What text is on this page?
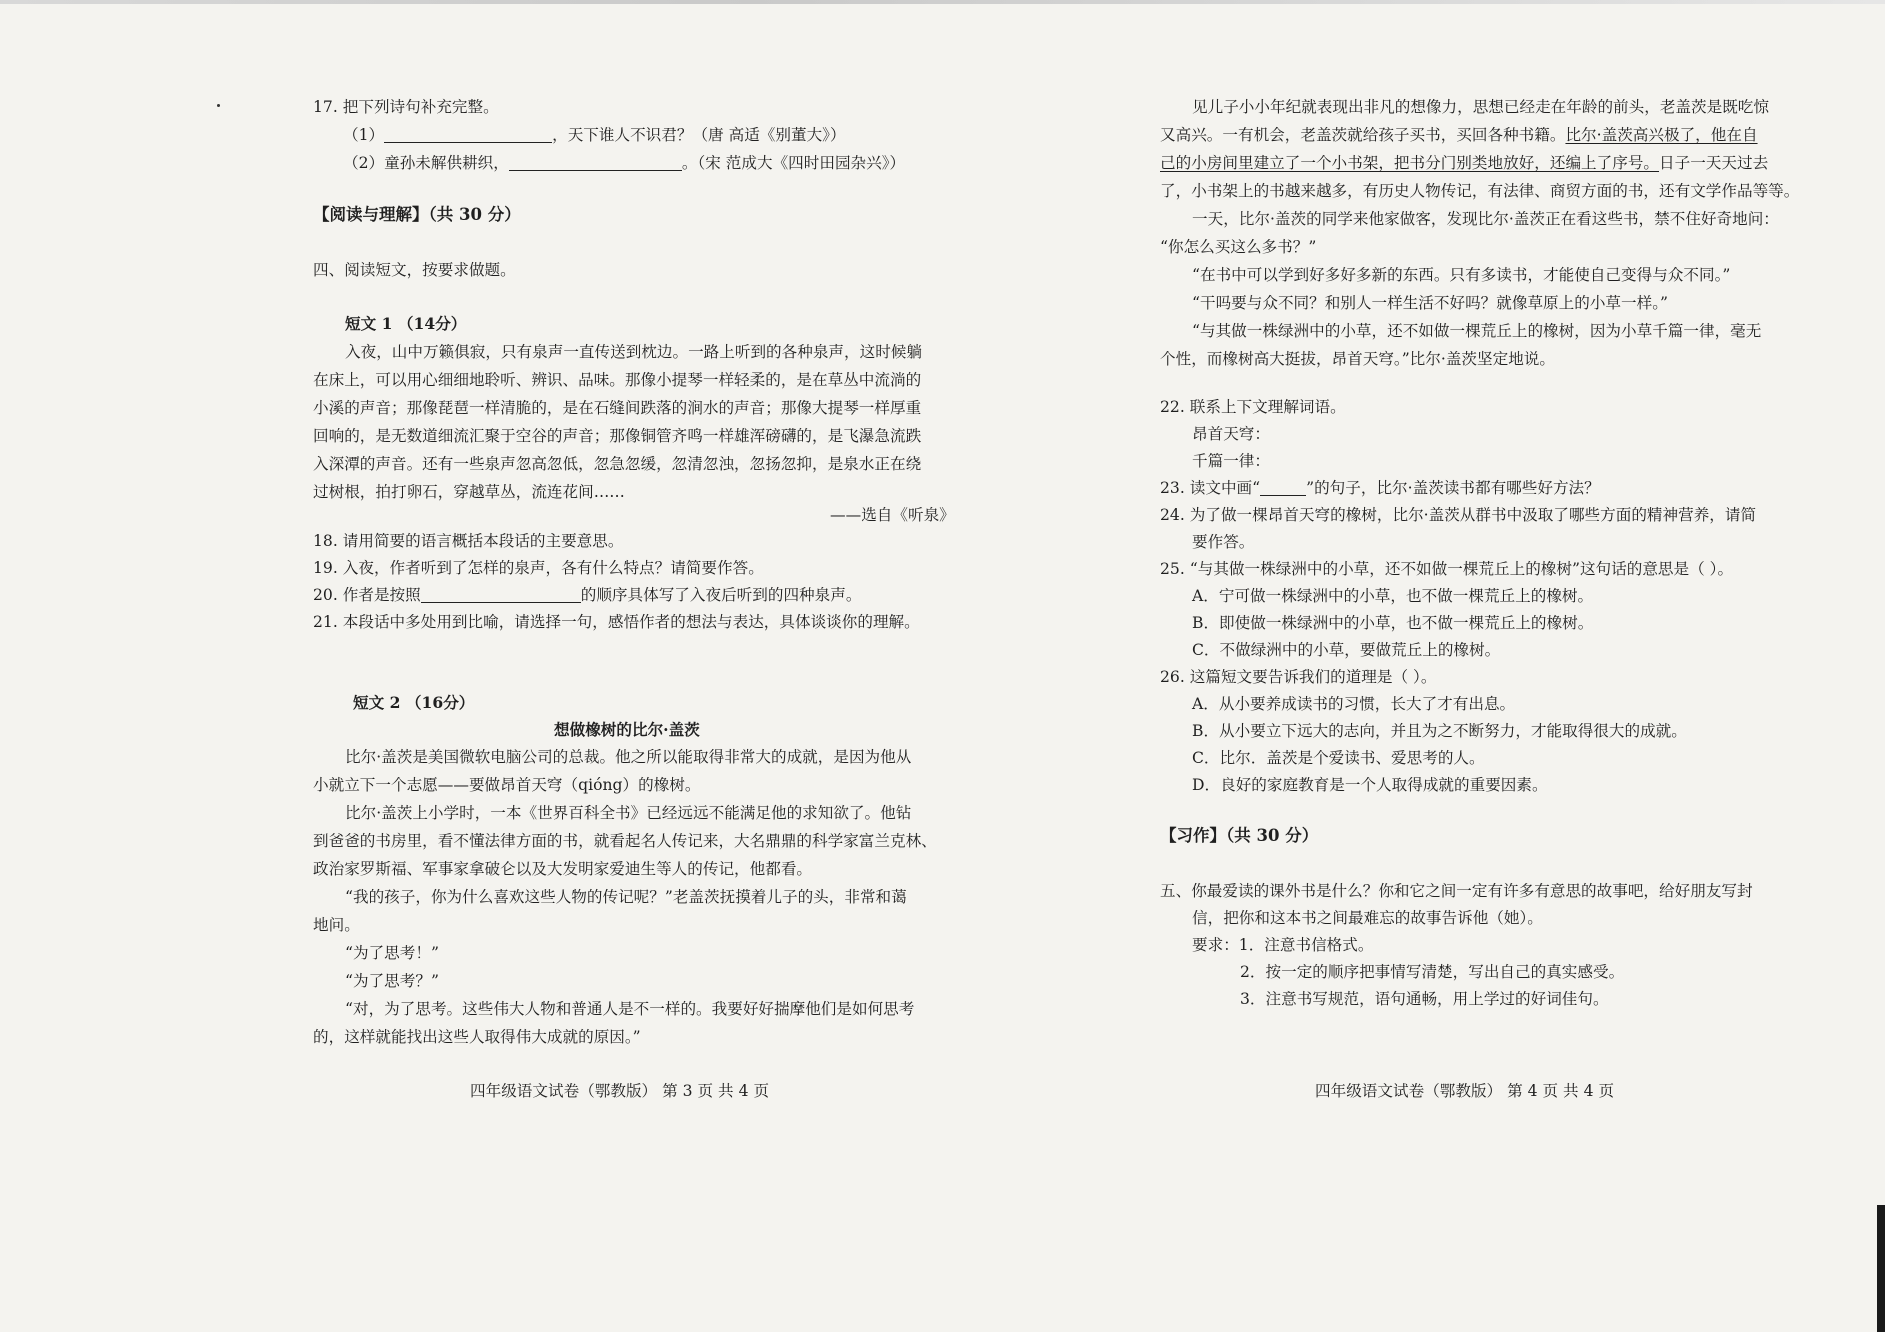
17. 把下列诗句补充完整。
（1）	，天下谁人不识君？（唐 高适《别董大》）
（2）童孙未解供耕织，	。（宋 范成大《四时田园杂兴》）
【阅读与理解】（共 30 分）
四、阅读短文，按要求做题。
短文 1 （14分）
入夜，山中万籁俱寂，只有泉声一直传送到枕边。一路上听到的各种泉声，这时候躺
在床上，可以用心细细地聆听、辨识、品味。那像小提琴一样轻柔的，是在草丛中流淌的
小溪的声音；那像琵琶一样清脆的，是在石缝间跌落的涧水的声音；那像大提琴一样厚重
回响的，是无数道细流汇聚于空谷的声音；那像铜管齐鸣一样雄浑磅礴的，是飞瀑急流跌
入深潭的声音。还有一些泉声忽高忽低，忽急忽缓，忽清忽浊，忽扬忽抑，是泉水正在绕
过树根，拍打卵石，穿越草丛，流连花间……
——选自《听泉》
18. 请用简要的语言概括本段话的主要意思。
19. 入夜，作者听到了怎样的泉声，各有什么特点？请简要作答。
20. 作者是按照	的顺序具体写了入夜后听到的四种泉声。
21. 本段话中多处用到比喻，请选择一句，感悟作者的想法与表达，具体谈谈你的理解。
短文 2 （16分）
想做橡树的比尔·盖茨
比尔·盖茨是美国微软电脑公司的总裁。他之所以能取得非常大的成就，是因为他从
小就立下一个志愿——要做昂首天穹（qióng）的橡树。
比尔·盖茨上小学时，一本《世界百科全书》已经远远不能满足他的求知欲了。他钻
到爸爸的书房里，看不懂法律方面的书，就看起名人传记来，大名鼎鼎的科学家富兰克林、
政治家罗斯福、军事家拿破仑以及大发明家爱迪生等人的传记，他都看。
“我的孩子，你为什么喜欢这些人物的传记呢？”老盖茨抚摸着儿子的头，非常和蔼
地问。
“为了思考！”
“为了思考？”
“对，为了思考。这些伟大人物和普通人是不一样的。我要好好揣摩他们是如何思考
的，这样就能找出这些人取得伟大成就的原因。”
四年级语文试卷（鄂教版） 第 3 页 共 4 页
见儿子小小年纪就表现出非凡的想像力，思想已经走在年龄的前头，老盖茨是既吃惊
又高兴。一有机会，老盖茨就给孩子买书，买回各种书籍。比尔·盖茨高兴极了，他在自
己的小房间里建立了一个小书架，把书分门别类地放好，还编上了序号。日子一天天过去
了，小书架上的书越来越多，有历史人物传记，有法律、商贸方面的书，还有文学作品等等。
一天，比尔·盖茨的同学来他家做客，发现比尔·盖茨正在看这些书，禁不住好奇地问：
“你怎么买这么多书？”
“在书中可以学到好多好多新的东西。只有多读书，才能使自己变得与众不同。”
“干吗要与众不同？和别人一样生活不好吗？就像草原上的小草一样。”
“与其做一株绿洲中的小草，还不如做一棵荒丘上的橡树，因为小草千篇一律，毫无
个性，而橡树高大挺拔，昂首天穹。”比尔·盖茨坚定地说。
22. 联系上下文理解词语。
昂首天穹：
千篇一律：
23. 读文中画“	”的句子，比尔·盖茨读书都有哪些好方法？
24. 为了做一棵昂首天穹的橡树，比尔·盖茨从群书中汲取了哪些方面的精神营养，请简
要作答。
25. “与其做一株绿洲中的小草，还不如做一棵荒丘上的橡树”这句话的意思是（ ）。
A．宁可做一株绿洲中的小草，也不做一棵荒丘上的橡树。
B．即使做一株绿洲中的小草，也不做一棵荒丘上的橡树。
C．不做绿洲中的小草，要做荒丘上的橡树。
26. 这篇短文要告诉我们的道理是（ ）。
A．从小要养成读书的习惯，长大了才有出息。
B．从小要立下远大的志向，并且为之不断努力，才能取得很大的成就。
C．比尔．盖茨是个爱读书、爱思考的人。
D．良好的家庭教育是一个人取得成就的重要因素。
【习作】（共 30 分）
五、你最爱读的课外书是什么？你和它之间一定有许多有意思的故事吧，给好朋友写封
信，把你和这本书之间最难忘的故事告诉他（她）。
要求：1．注意书信格式。
2．按一定的顺序把事情写清楚，写出自己的真实感受。
3．注意书写规范，语句通畅，用上学过的好词佳句。
四年级语文试卷（鄂教版） 第 4 页 共 4 页
